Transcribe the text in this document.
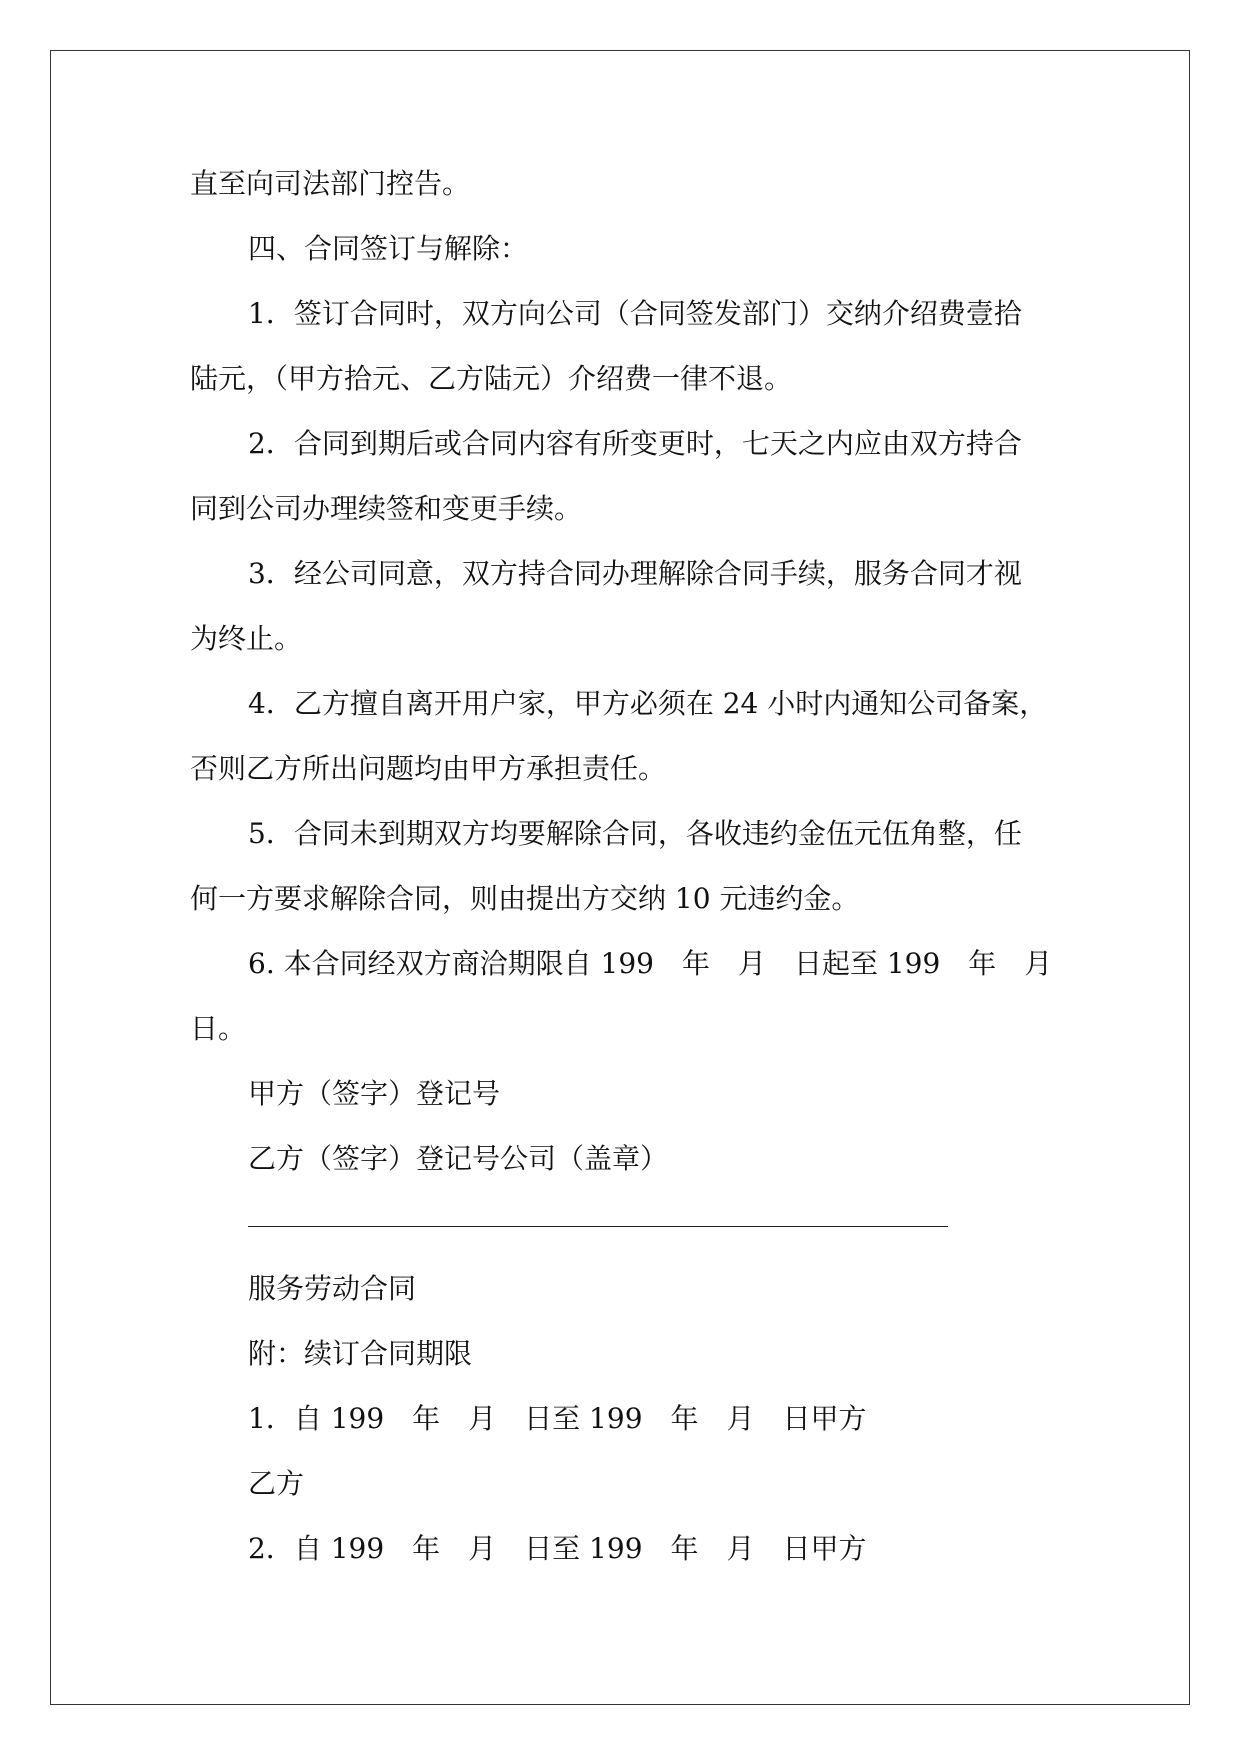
直至向司法部门控告。
四、合同签订与解除：
1．签订合同时，双方向公司（合同签发部门）交纳介绍费壹拾
陆元，（甲方拾元、乙方陆元）介绍费一律不退。
2．合同到期后或合同内容有所变更时，七天之内应由双方持合
同到公司办理续签和变更手续。
3．经公司同意，双方持合同办理解除合同手续，服务合同才视
为终止。
4．乙方擅自离开用户家，甲方必须在 24 小时内通知公司备案，
否则乙方所出问题均由甲方承担责任。
5．合同未到期双方均要解除合同，各收违约金伍元伍角整，任
何一方要求解除合同，则由提出方交纳 10 元违约金。
6. 本合同经双方商洽期限自 199　年　月　日起至 199　年　月
日。
甲方（签字）登记号
乙方（签字）登记号公司（盖章）
服务劳动合同
附：续订合同期限
1．自 199　年　月　日至 199　年　月　日甲方
乙方
2．自 199　年　月　日至 199　年　月　日甲方
